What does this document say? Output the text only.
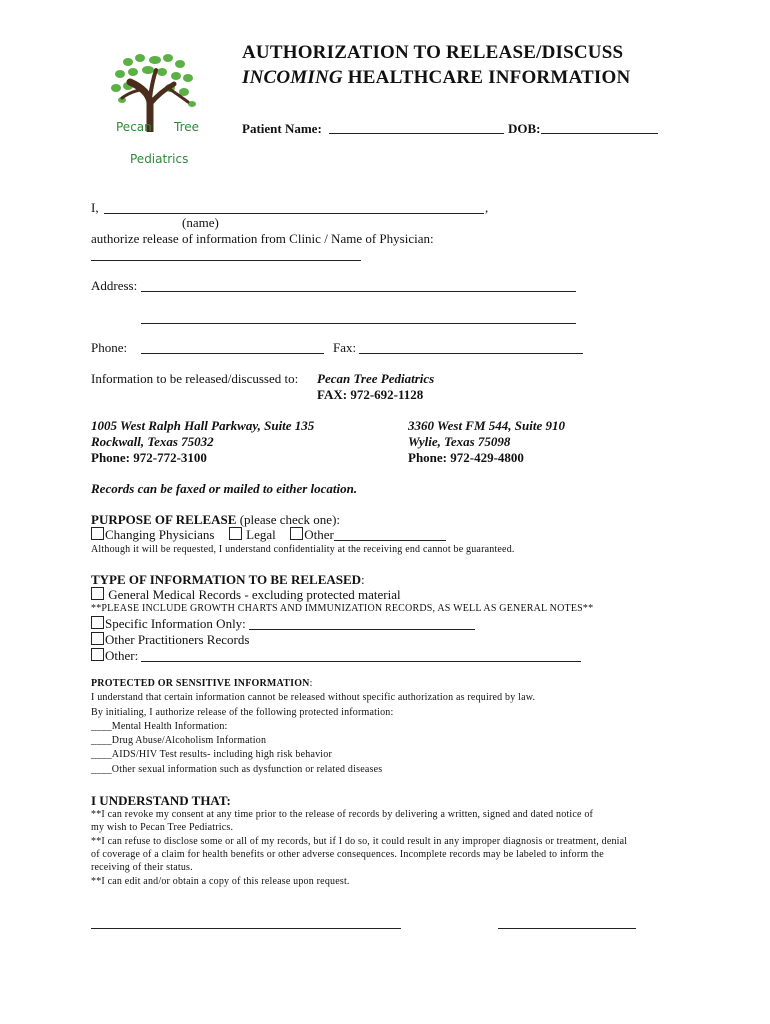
Pecan Tree
Pediatrics
AUTHORIZATION TO RELEASE/DISCUSS
INCOMING HEALTHCARE INFORMATION
Patient Name:	DOB:
I,	,
(name)
authorize release of information from Clinic / Name of Physician:
Address:
Phone:	Fax:
Information to be released/discussed to: Pecan Tree Pediatrics
FAX: 972-692-1128
1005 West Ralph Hall Parkway, Suite 135
Rockwall, Texas 75032
Phone: 972-772-3100
3360 West FM 544, Suite 910
Wylie, Texas 75098
Phone: 972-429-4800
Records can be faxed or mailed to either location.
PURPOSE OF RELEASE (please check one):
Changing Physicians Legal Other
Although it will be requested, I understand confidentiality at the receiving end cannot be guaranteed.
TYPE OF INFORMATION TO BE RELEASED:
General Medical Records - excluding protected material
**PLEASE INCLUDE GROWTH CHARTS AND IMMUNIZATION RECORDS, AS WELL AS GENERAL NOTES**
Specific Information Only:
Other Practitioners Records
Other:
PROTECTED OR SENSITIVE INFORMATION:
I understand that certain information cannot be released without specific authorization as required by law.
By initialing, I authorize release of the following protected information:
____Mental Health Information:
____Drug Abuse/Alcoholism Information
____AIDS/HIV Test results- including high risk behavior
____Other sexual information such as dysfunction or related diseases
I UNDERSTAND THAT:
**I can revoke my consent at any time prior to the release of records by delivering a written, signed and dated notice of
my wish to Pecan Tree Pediatrics.
**I can refuse to disclose some or all of my records, but if I do so, it could result in any improper diagnosis or treatment, denial
of coverage of a claim for health benefits or other adverse consequences. Incomplete records may be labeled to inform the
receiving of their status.
**I can edit and/or obtain a copy of this release upon request.
